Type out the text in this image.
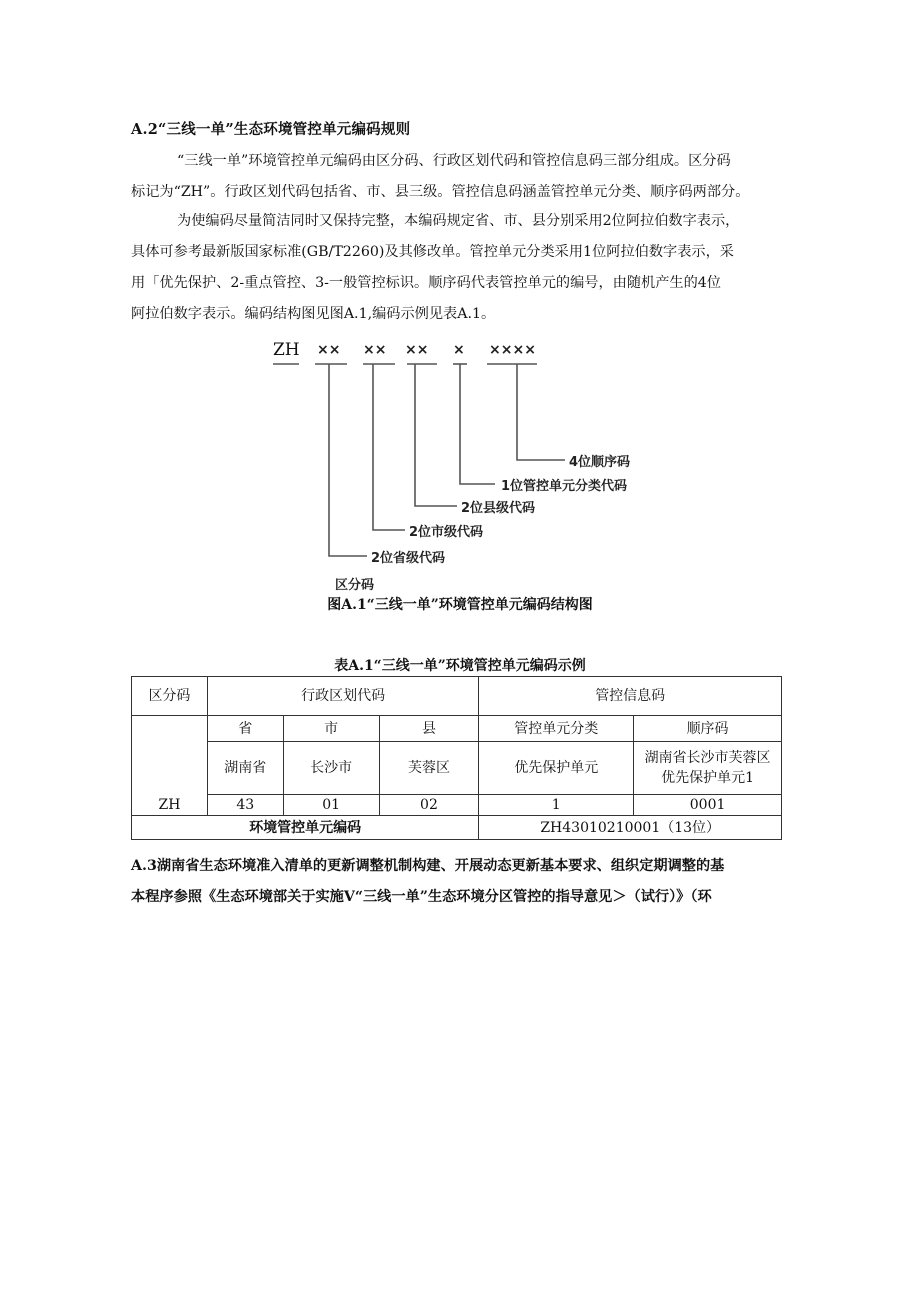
A.2“三线一单”生态环境管控单元编码规则
“三线一单”环境管控单元编码由区分码、行政区划代码和管控信息码三部分组成。区分码
标记为“ZH”。行政区划代码包括省、市、县三级。管控信息码涵盖管控单元分类、顺序码两部分。
为使编码尽量简洁同时又保持完整，本编码规定省、市、县分别采用2位阿拉伯数字表示，
具体可参考最新版国家标准(GB/T2260)及其修改单。管控单元分类采用1位阿拉伯数字表示，采
用「优先保护、2-重点管控、3-一般管控标识。顺序码代表管控单元的编号，由随机产生的4位
阿拉伯数字表示。编码结构图见图A.1,编码示例见表A.1。
ZH ×× ×× ×× × ××××
4位顺序码
1位管控单元分类代码
2位县级代码
2位市级代码
2位省级代码
区分码
图A.1“三线一单”环境管控单元编码结构图
表A.1“三线一单”环境管控单元编码示例
区分码	行政区划代码			管控信息码	
ZH	省	市	县	管控单元分类	顺序码
	湖南省	长沙市	芙蓉区	优先保护单元	湖南省长沙市芙蓉区
优先保护单元1
	43	01	02	1	0001
环境管控单元编码				ZH43010210001（13位）	
A.3湖南省生态环境准入清单的更新调整机制构建、开展动态更新基本要求、组织定期调整的基
本程序参照《生态环境部关于实施V“三线一单”生态环境分区管控的指导意见＞（试行）》（环
